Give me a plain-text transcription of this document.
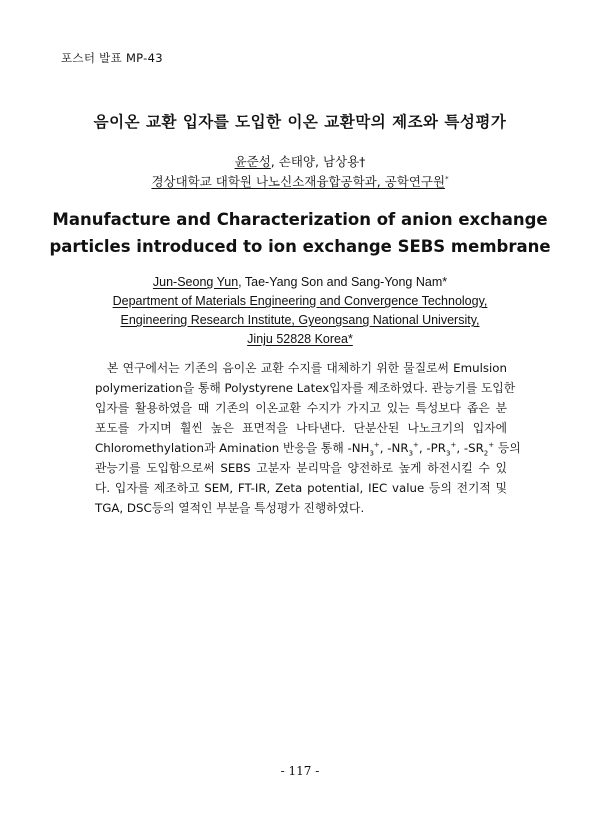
포스터 발표 MP-43
음이온 교환 입자를 도입한 이온 교환막의 제조와 특성평가
윤준성, 손태양, 남상용†
경상대학교 대학원 나노신소재융합공학과, 공학연구원*
Manufacture and Characterization of anion exchange
particles introduced to ion exchange SEBS membrane
Jun-Seong Yun, Tae-Yang Son and Sang-Yong Nam*
Department of Materials Engineering and Convergence Technology,
Engineering Research Institute, Gyeongsang National University,
Jinju 52828 Korea*
본 연구에서는 기존의 음이온 교환 수지를 대체하기 위한 물질로써 Emulsion
polymerization을 통해 Polystyrene Latex입자를 제조하였다. 관능기를 도입한
입자를 활용하였을 때 기존의 이온교환 수지가 가지고 있는 특성보다 좁은 분
포도를 가지며 훨씬 높은 표면적을 나타낸다. 단분산된 나노크기의 입자에
Chloromethylation과 Amination 반응을 통해 $-NH_3^+$, $-NR_3^+$, $-PR_3^+$, $-SR_2^+$ 등의
관능기를 도입함으로써 SEBS 고분자 분리막을 양전하로 높게 하전시킬 수 있
다. 입자를 제조하고 SEM, FT-IR, Zeta potential, IEC value 등의 전기적 및
TGA, DSC등의 열적인 부분을 특성평가 진행하였다.
- 117 -
